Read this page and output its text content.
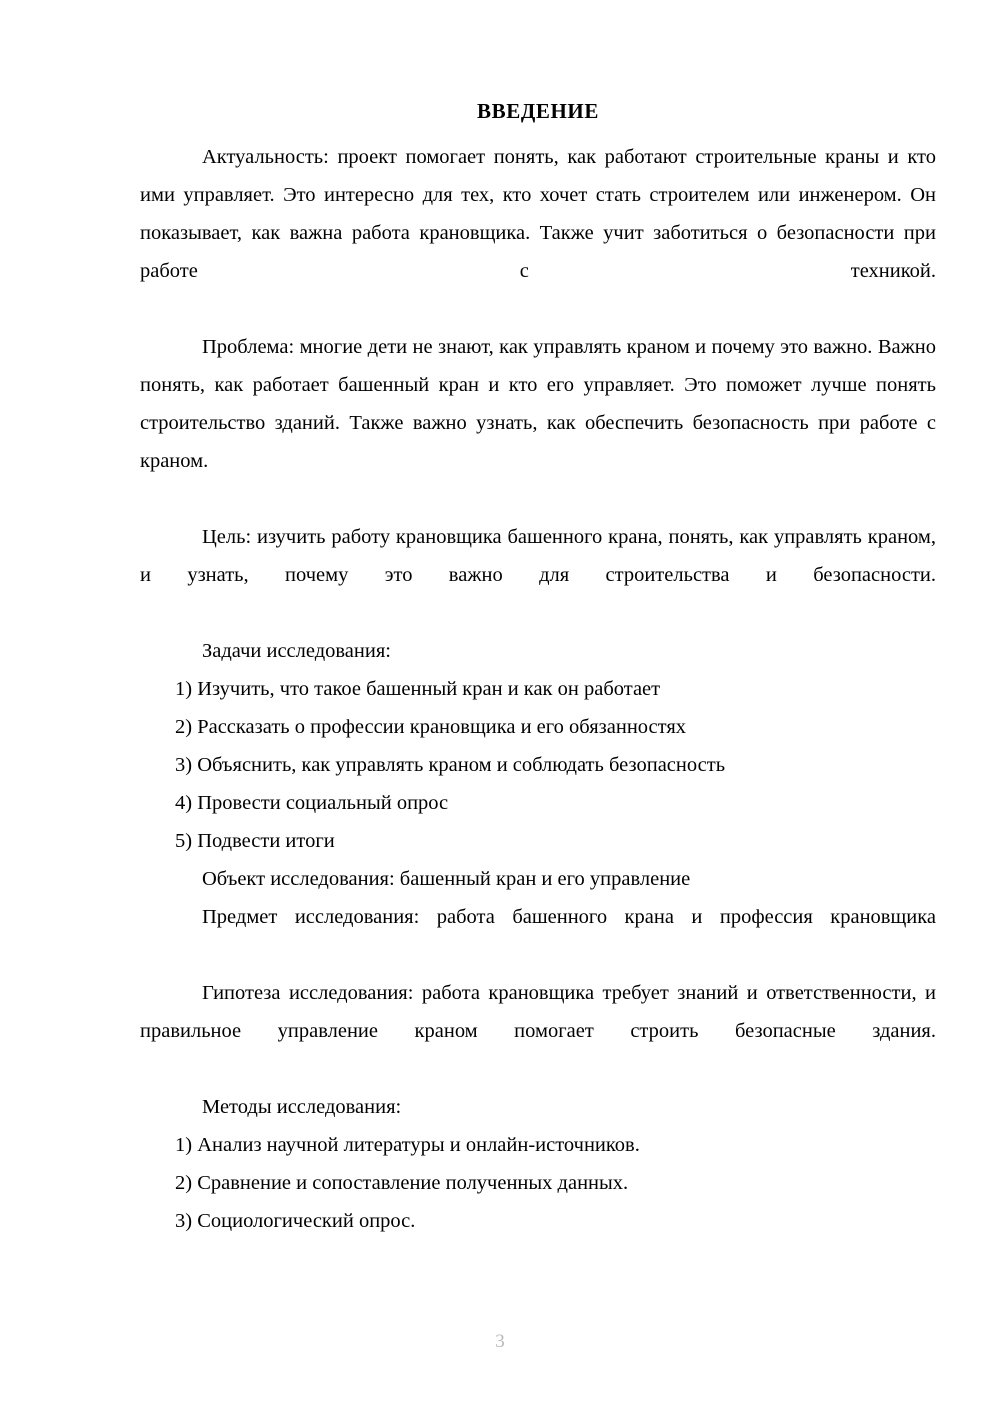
ВВЕДЕНИЕ

Актуальность: проект помогает понять, как работают строительные краны и кто ими управляет. Это интересно для тех, кто хочет стать строителем или инженером. Он показывает, как важна работа крановщика. Также учит заботиться о безопасности при работе с техникой.

Проблема: многие дети не знают, как управлять краном и почему это важно. Важно понять, как работает башенный кран и кто его управляет. Это поможет лучше понять строительство зданий. Также важно узнать, как обеспечить безопасность при работе с краном.

Цель: изучить работу крановщика башенного крана, понять, как управлять краном, и узнать, почему это важно для строительства и безопасности.

Задачи исследования:

1) Изучить, что такое башенный кран и как он работает

2) Рассказать о профессии крановщика и его обязанностях

3) Объяснить, как управлять краном и соблюдать безопасность

4) Провести социальный опрос

5) Подвести итоги

Объект исследования: башенный кран и его управление

Предмет исследования: работа башенного крана и профессия крановщика

Гипотеза исследования: работа крановщика требует знаний и ответственности, и правильное управление краном помогает строить безопасные здания.

Методы исследования:

1) Анализ научной литературы и онлайн-источников.

2) Сравнение и сопоставление полученных данных.

3) Социологический опрос.

3
